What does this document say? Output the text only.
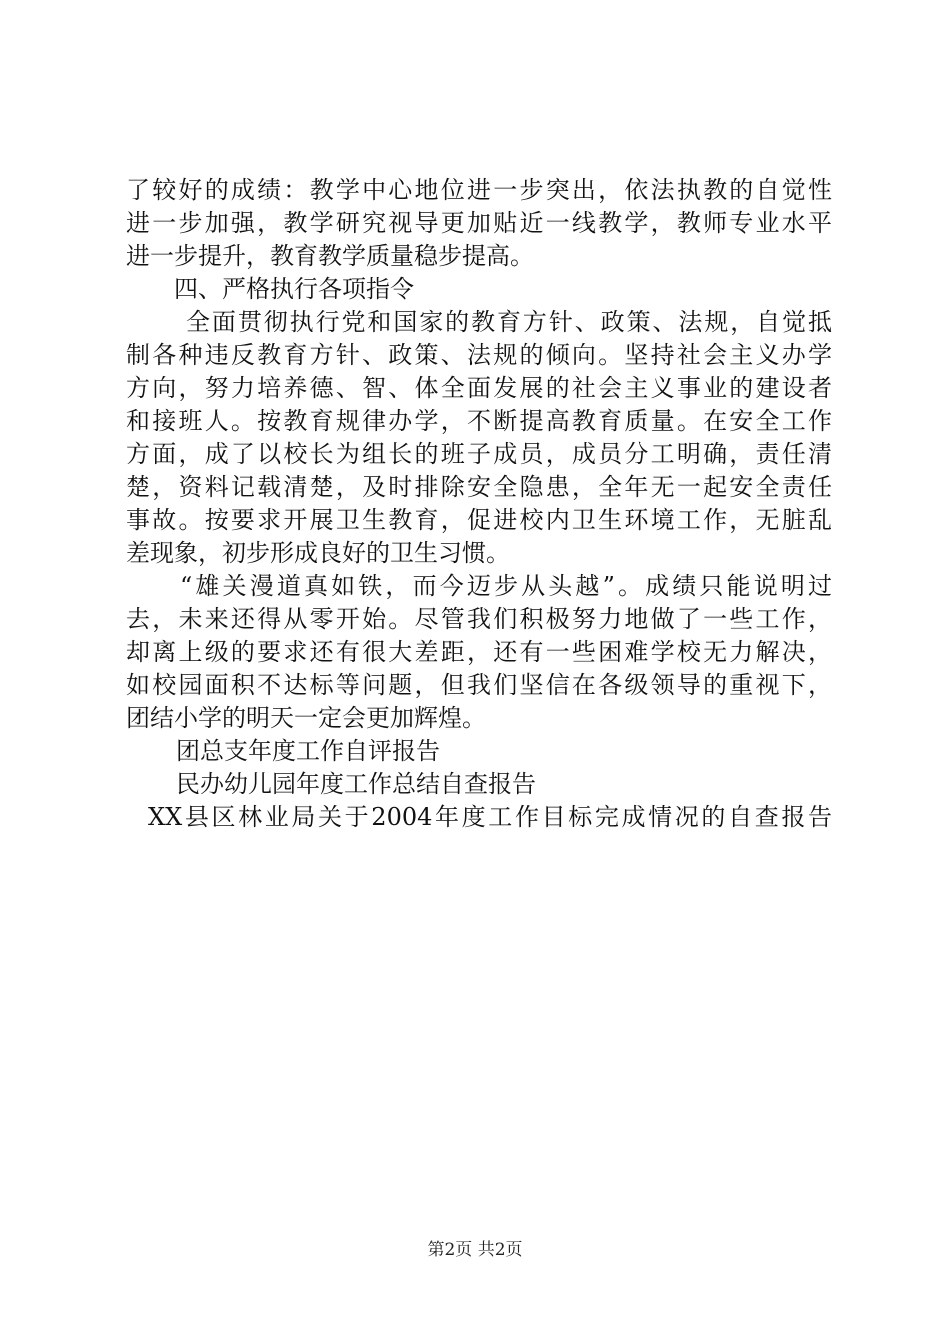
了较好的成绩：教学中心地位进一步突出，依法执教的自觉性
进一步加强，教学研究视导更加贴近一线教学，教师专业水平
进一步提升，教育教学质量稳步提高。
四、严格执行各项指令
全面贯彻执行党和国家的教育方针、政策、法规，自觉抵
制各种违反教育方针、政策、法规的倾向。坚持社会主义办学
方向，努力培养德、智、体全面发展的社会主义事业的建设者
和接班人。按教育规律办学，不断提高教育质量。在安全工作
方面，成了以校长为组长的班子成员，成员分工明确，责任清
楚，资料记载清楚，及时排除安全隐患，全年无一起安全责任
事故。按要求开展卫生教育，促进校内卫生环境工作，无脏乱
差现象，初步形成良好的卫生习惯。
“雄关漫道真如铁，而今迈步从头越”。成绩只能说明过
去，未来还得从零开始。尽管我们积极努力地做了一些工作，
却离上级的要求还有很大差距，还有一些困难学校无力解决，
如校园面积不达标等问题，但我们坚信在各级领导的重视下，
团结小学的明天一定会更加辉煌。
团总支年度工作自评报告
民办幼儿园年度工作总结自查报告
XX县区林业局关于2004年度工作目标完成情况的自查报告
第2页 共2页
